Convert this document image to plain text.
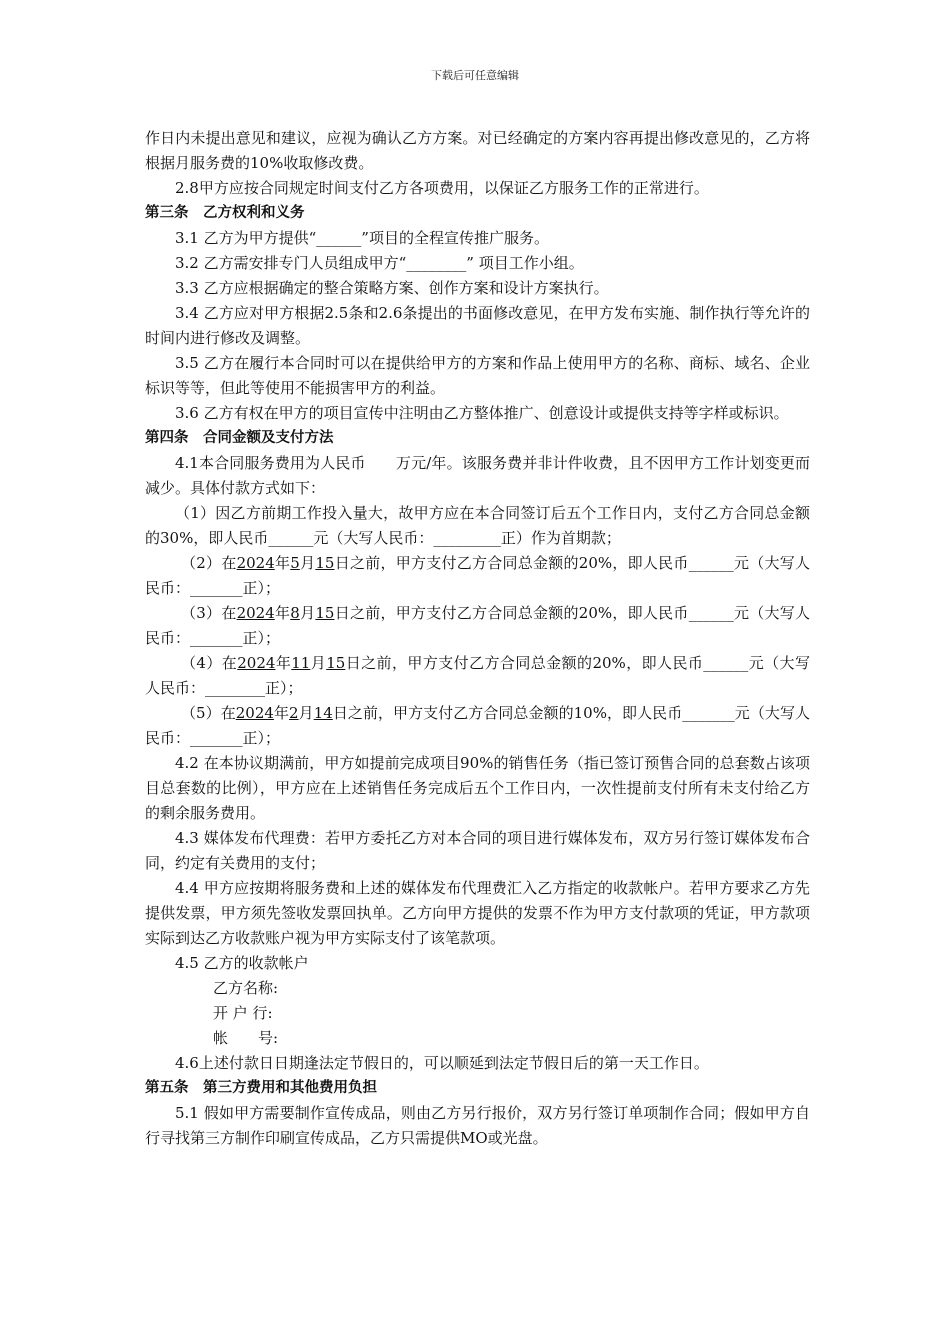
下载后可任意编辑

作日内未提出意见和建议，应视为确认乙方方案。对已经确定的方案内容再提出修改意见的，乙方将根据月服务费的10%收取修改费。

2.8甲方应按合同规定时间支付乙方各项费用，以保证乙方服务工作的正常进行。

第三条　乙方权利和义务

3.1 乙方为甲方提供“______”项目的全程宣传推广服务。

3.2 乙方需安排专门人员组成甲方“________” 项目工作小组。

3.3 乙方应根据确定的整合策略方案、创作方案和设计方案执行。

3.4 乙方应对甲方根据2.5条和2.6条提出的书面修改意见，在甲方发布实施、制作执行等允许的时间内进行修改及调整。

3.5 乙方在履行本合同时可以在提供给甲方的方案和作品上使用甲方的名称、商标、域名、企业标识等等，但此等使用不能损害甲方的利益。

3.6 乙方有权在甲方的项目宣传中注明由乙方整体推广、创意设计或提供支持等字样或标识。

第四条　合同金额及支付方法

4.1本合同服务费用为人民币　　万元/年。该服务费并非计件收费，且不因甲方工作计划变更而减少。具体付款方式如下：

（1）因乙方前期工作投入量大，故甲方应在本合同签订后五个工作日内，支付乙方合同总金额的30%，即人民币______元（大写人民币：_________正）作为首期款；

（2）在2024年5月15日之前，甲方支付乙方合同总金额的20%，即人民币______元（大写人民币：_______正）；

（3）在2024年8月15日之前，甲方支付乙方合同总金额的20%，即人民币______元（大写人民币：_______正）；

（4）在2024年11月15日之前，甲方支付乙方合同总金额的20%，即人民币______元（大写人民币：________正）；

（5）在2024年2月14日之前，甲方支付乙方合同总金额的10%，即人民币_______元（大写人民币：_______正）；

4.2 在本协议期满前，甲方如提前完成项目90%的销售任务（指已签订预售合同的总套数占该项目总套数的比例），甲方应在上述销售任务完成后五个工作日内，一次性提前支付所有未支付给乙方的剩余服务费用。

4.3 媒体发布代理费：若甲方委托乙方对本合同的项目进行媒体发布，双方另行签订媒体发布合同，约定有关费用的支付；

4.4 甲方应按期将服务费和上述的媒体发布代理费汇入乙方指定的收款帐户。若甲方要求乙方先提供发票，甲方须先签收发票回执单。乙方向甲方提供的发票不作为甲方支付款项的凭证，甲方款项实际到达乙方收款账户视为甲方实际支付了该笔款项。

4.5 乙方的收款帐户

乙方名称:

开 户 行:

帐　　号:

4.6上述付款日日期逢法定节假日的，可以顺延到法定节假日后的第一天工作日。

第五条　第三方费用和其他费用负担

5.1 假如甲方需要制作宣传成品，则由乙方另行报价，双方另行签订单项制作合同；假如甲方自行寻找第三方制作印刷宣传成品，乙方只需提供MO或光盘。
